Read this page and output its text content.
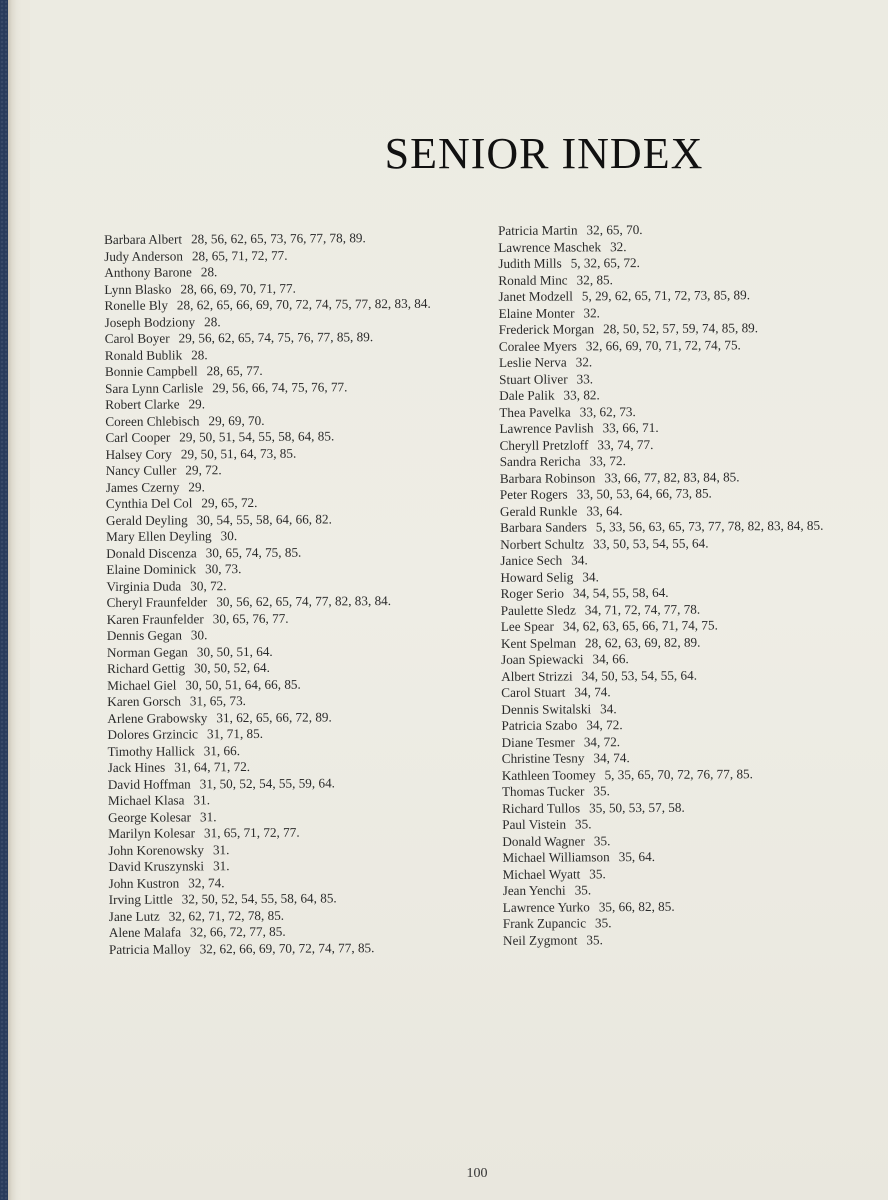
SENIOR INDEX
Barbara Albert 28, 56, 62, 65, 73, 76, 77, 78, 89.
Judy Anderson 28, 65, 71, 72, 77.
Anthony Barone 28.
Lynn Blasko 28, 66, 69, 70, 71, 77.
Ronelle Bly 28, 62, 65, 66, 69, 70, 72, 74, 75, 77, 82, 83, 84.
Joseph Bodziony 28.
Carol Boyer 29, 56, 62, 65, 74, 75, 76, 77, 85, 89.
Ronald Bublik 28.
Bonnie Campbell 28, 65, 77.
Sara Lynn Carlisle 29, 56, 66, 74, 75, 76, 77.
Robert Clarke 29.
Coreen Chlebisch 29, 69, 70.
Carl Cooper 29, 50, 51, 54, 55, 58, 64, 85.
Halsey Cory 29, 50, 51, 64, 73, 85.
Nancy Culler 29, 72.
James Czerny 29.
Cynthia Del Col 29, 65, 72.
Gerald Deyling 30, 54, 55, 58, 64, 66, 82.
Mary Ellen Deyling 30.
Donald Discenza 30, 65, 74, 75, 85.
Elaine Dominick 30, 73.
Virginia Duda 30, 72.
Cheryl Fraunfelder 30, 56, 62, 65, 74, 77, 82, 83, 84.
Karen Fraunfelder 30, 65, 76, 77.
Dennis Gegan 30.
Norman Gegan 30, 50, 51, 64.
Richard Gettig 30, 50, 52, 64.
Michael Giel 30, 50, 51, 64, 66, 85.
Karen Gorsch 31, 65, 73.
Arlene Grabowsky 31, 62, 65, 66, 72, 89.
Dolores Grzincic 31, 71, 85.
Timothy Hallick 31, 66.
Jack Hines 31, 64, 71, 72.
David Hoffman 31, 50, 52, 54, 55, 59, 64.
Michael Klasa 31.
George Kolesar 31.
Marilyn Kolesar 31, 65, 71, 72, 77.
John Korenowsky 31.
David Kruszynski 31.
John Kustron 32, 74.
Irving Little 32, 50, 52, 54, 55, 58, 64, 85.
Jane Lutz 32, 62, 71, 72, 78, 85.
Alene Malafa 32, 66, 72, 77, 85.
Patricia Malloy 32, 62, 66, 69, 70, 72, 74, 77, 85.
Patricia Martin 32, 65, 70.
Lawrence Maschek 32.
Judith Mills 5, 32, 65, 72.
Ronald Minc 32, 85.
Janet Modzell 5, 29, 62, 65, 71, 72, 73, 85, 89.
Elaine Monter 32.
Frederick Morgan 28, 50, 52, 57, 59, 74, 85, 89.
Coralee Myers 32, 66, 69, 70, 71, 72, 74, 75.
Leslie Nerva 32.
Stuart Oliver 33.
Dale Palik 33, 82.
Thea Pavelka 33, 62, 73.
Lawrence Pavlish 33, 66, 71.
Cheryll Pretzloff 33, 74, 77.
Sandra Rericha 33, 72.
Barbara Robinson 33, 66, 77, 82, 83, 84, 85.
Peter Rogers 33, 50, 53, 64, 66, 73, 85.
Gerald Runkle 33, 64.
Barbara Sanders 5, 33, 56, 63, 65, 73, 77, 78, 82, 83, 84, 85.
Norbert Schultz 33, 50, 53, 54, 55, 64.
Janice Sech 34.
Howard Selig 34.
Roger Serio 34, 54, 55, 58, 64.
Paulette Sledz 34, 71, 72, 74, 77, 78.
Lee Spear 34, 62, 63, 65, 66, 71, 74, 75.
Kent Spelman 28, 62, 63, 69, 82, 89.
Joan Spiewacki 34, 66.
Albert Strizzi 34, 50, 53, 54, 55, 64.
Carol Stuart 34, 74.
Dennis Switalski 34.
Patricia Szabo 34, 72.
Diane Tesmer 34, 72.
Christine Tesny 34, 74.
Kathleen Toomey 5, 35, 65, 70, 72, 76, 77, 85.
Thomas Tucker 35.
Richard Tullos 35, 50, 53, 57, 58.
Paul Vistein 35.
Donald Wagner 35.
Michael Williamson 35, 64.
Michael Wyatt 35.
Jean Yenchi 35.
Lawrence Yurko 35, 66, 82, 85.
Frank Zupancic 35.
Neil Zygmont 35.
100
